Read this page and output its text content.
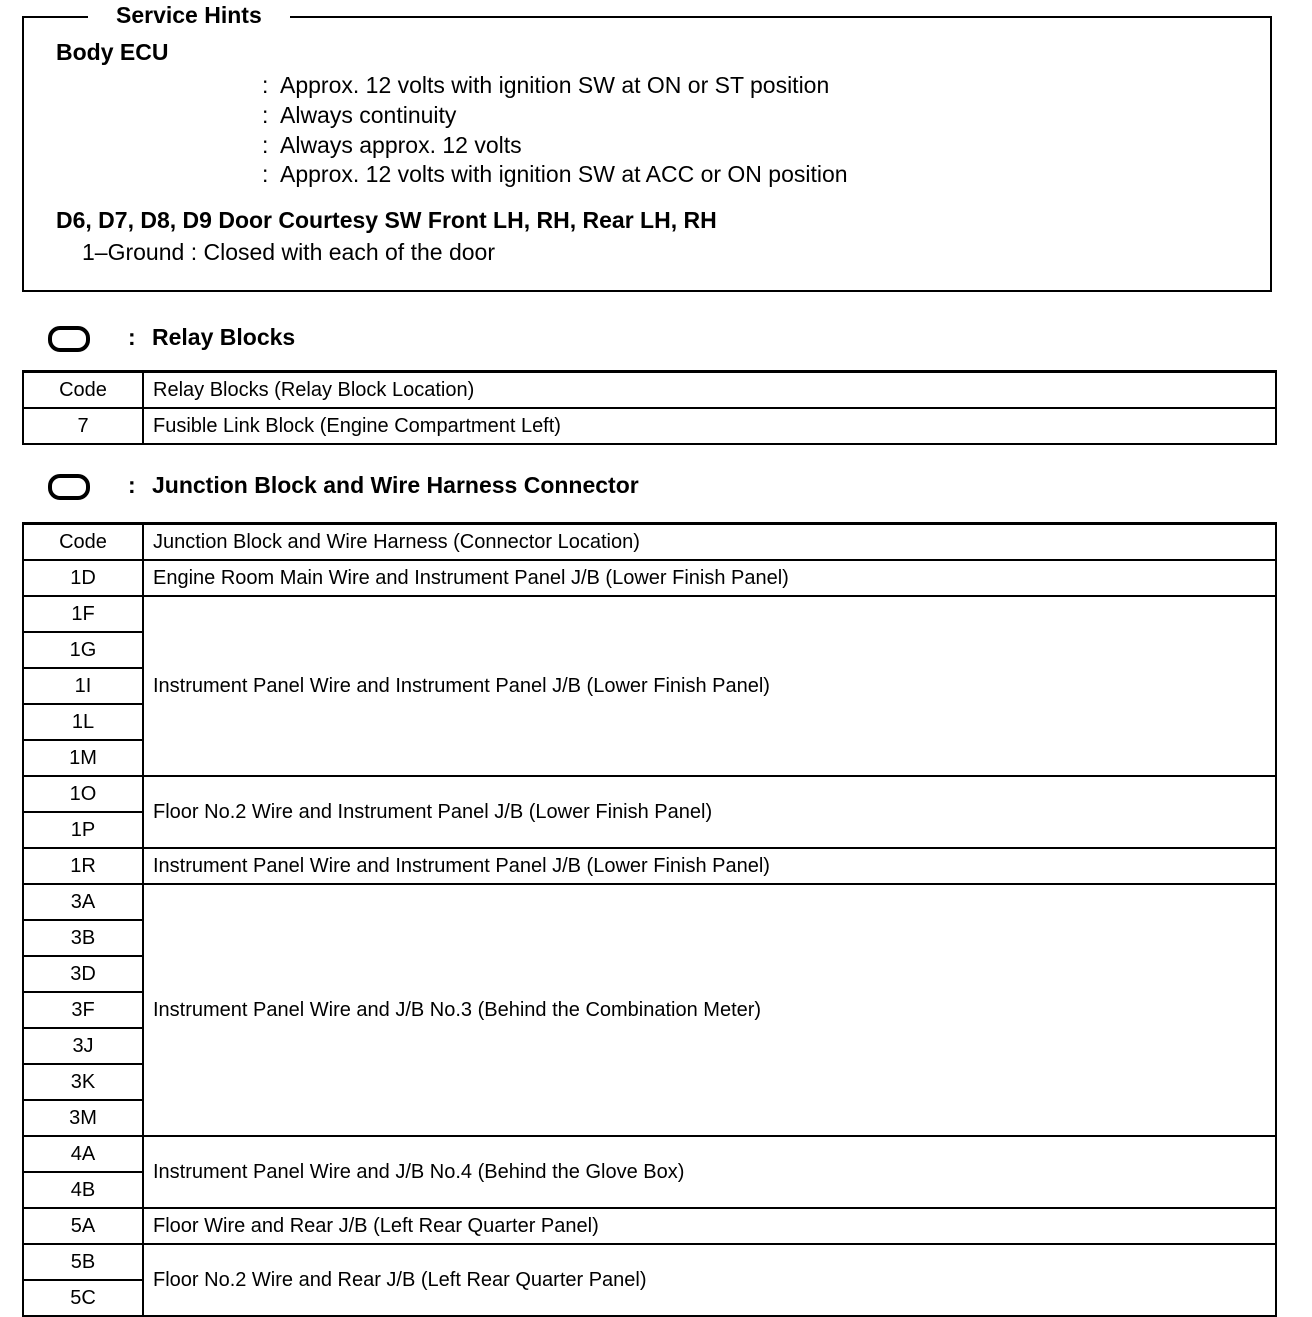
Service Hints
Body ECU
: Approx. 12 volts with ignition SW at ON or ST position
: Always continuity
: Always approx. 12 volts
: Approx. 12 volts with ignition SW at ACC or ON position
D6, D7, D8, D9 Door Courtesy SW Front LH, RH, Rear LH, RH
1–Ground : Closed with each of the door
: Relay Blocks
Code	Relay Blocks (Relay Block Location)
7	Fusible Link Block (Engine Compartment Left)
: Junction Block and Wire Harness Connector
Code	Junction Block and Wire Harness (Connector Location)
1D	Engine Room Main Wire and Instrument Panel J/B (Lower Finish Panel)
1F	Instrument Panel Wire and Instrument Panel J/B (Lower Finish Panel)
1G	
1I	
1L	
1M	
1O	Floor No.2 Wire and Instrument Panel J/B (Lower Finish Panel)
1P	
1R	Instrument Panel Wire and Instrument Panel J/B (Lower Finish Panel)
3A	Instrument Panel Wire and J/B No.3 (Behind the Combination Meter)
3B	
3D	
3F	
3J	
3K	
3M	
4A	Instrument Panel Wire and J/B No.4 (Behind the Glove Box)
4B	
5A	Floor Wire and Rear J/B (Left Rear Quarter Panel)
5B	Floor No.2 Wire and Rear J/B (Left Rear Quarter Panel)
5C	
